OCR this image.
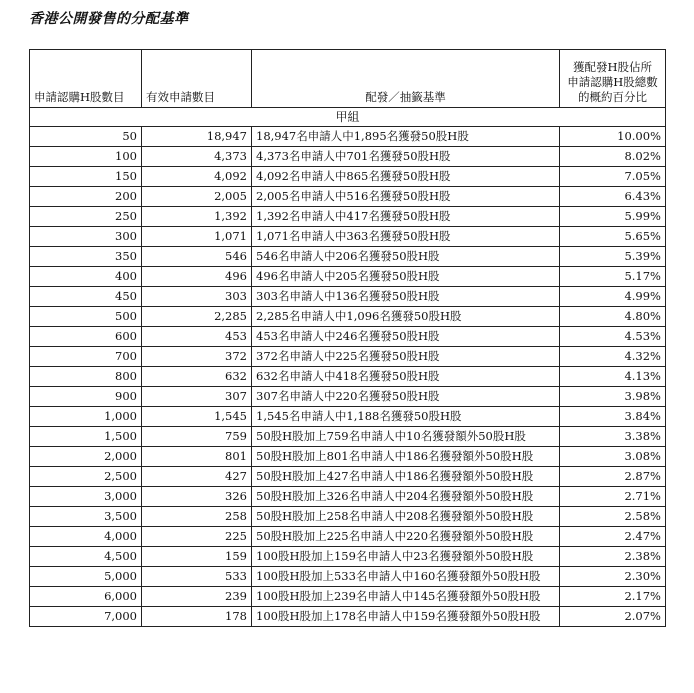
香港公開發售的分配基準
申請認購H股數目	有效申請數目	配發／抽籤基準	獲配發H股佔所
申請認購H股總數
的概約百分比

甲組			
50	18,947	18,947名申請人中1,895名獲發50股H股	10.00%
100	4,373	4,373名申請人中701名獲發50股H股	8.02%
150	4,092	4,092名申請人中865名獲發50股H股	7.05%
200	2,005	2,005名申請人中516名獲發50股H股	6.43%
250	1,392	1,392名申請人中417名獲發50股H股	5.99%
300	1,071	1,071名申請人中363名獲發50股H股	5.65%
350	546	546名申請人中206名獲發50股H股	5.39%
400	496	496名申請人中205名獲發50股H股	5.17%
450	303	303名申請人中136名獲發50股H股	4.99%
500	2,285	2,285名申請人中1,096名獲發50股H股	4.80%
600	453	453名申請人中246名獲發50股H股	4.53%
700	372	372名申請人中225名獲發50股H股	4.32%
800	632	632名申請人中418名獲發50股H股	4.13%
900	307	307名申請人中220名獲發50股H股	3.98%
1,000	1,545	1,545名申請人中1,188名獲發50股H股	3.84%
1,500	759	50股H股加上759名申請人中10名獲發額外50股H股	3.38%
2,000	801	50股H股加上801名申請人中186名獲發額外50股H股	3.08%
2,500	427	50股H股加上427名申請人中186名獲發額外50股H股	2.87%
3,000	326	50股H股加上326名申請人中204名獲發額外50股H股	2.71%
3,500	258	50股H股加上258名申請人中208名獲發額外50股H股	2.58%
4,000	225	50股H股加上225名申請人中220名獲發額外50股H股	2.47%
4,500	159	100股H股加上159名申請人中23名獲發額外50股H股	2.38%
5,000	533	100股H股加上533名申請人中160名獲發額外50股H股	2.30%
6,000	239	100股H股加上239名申請人中145名獲發額外50股H股	2.17%
7,000	178	100股H股加上178名申請人中159名獲發額外50股H股	2.07%
